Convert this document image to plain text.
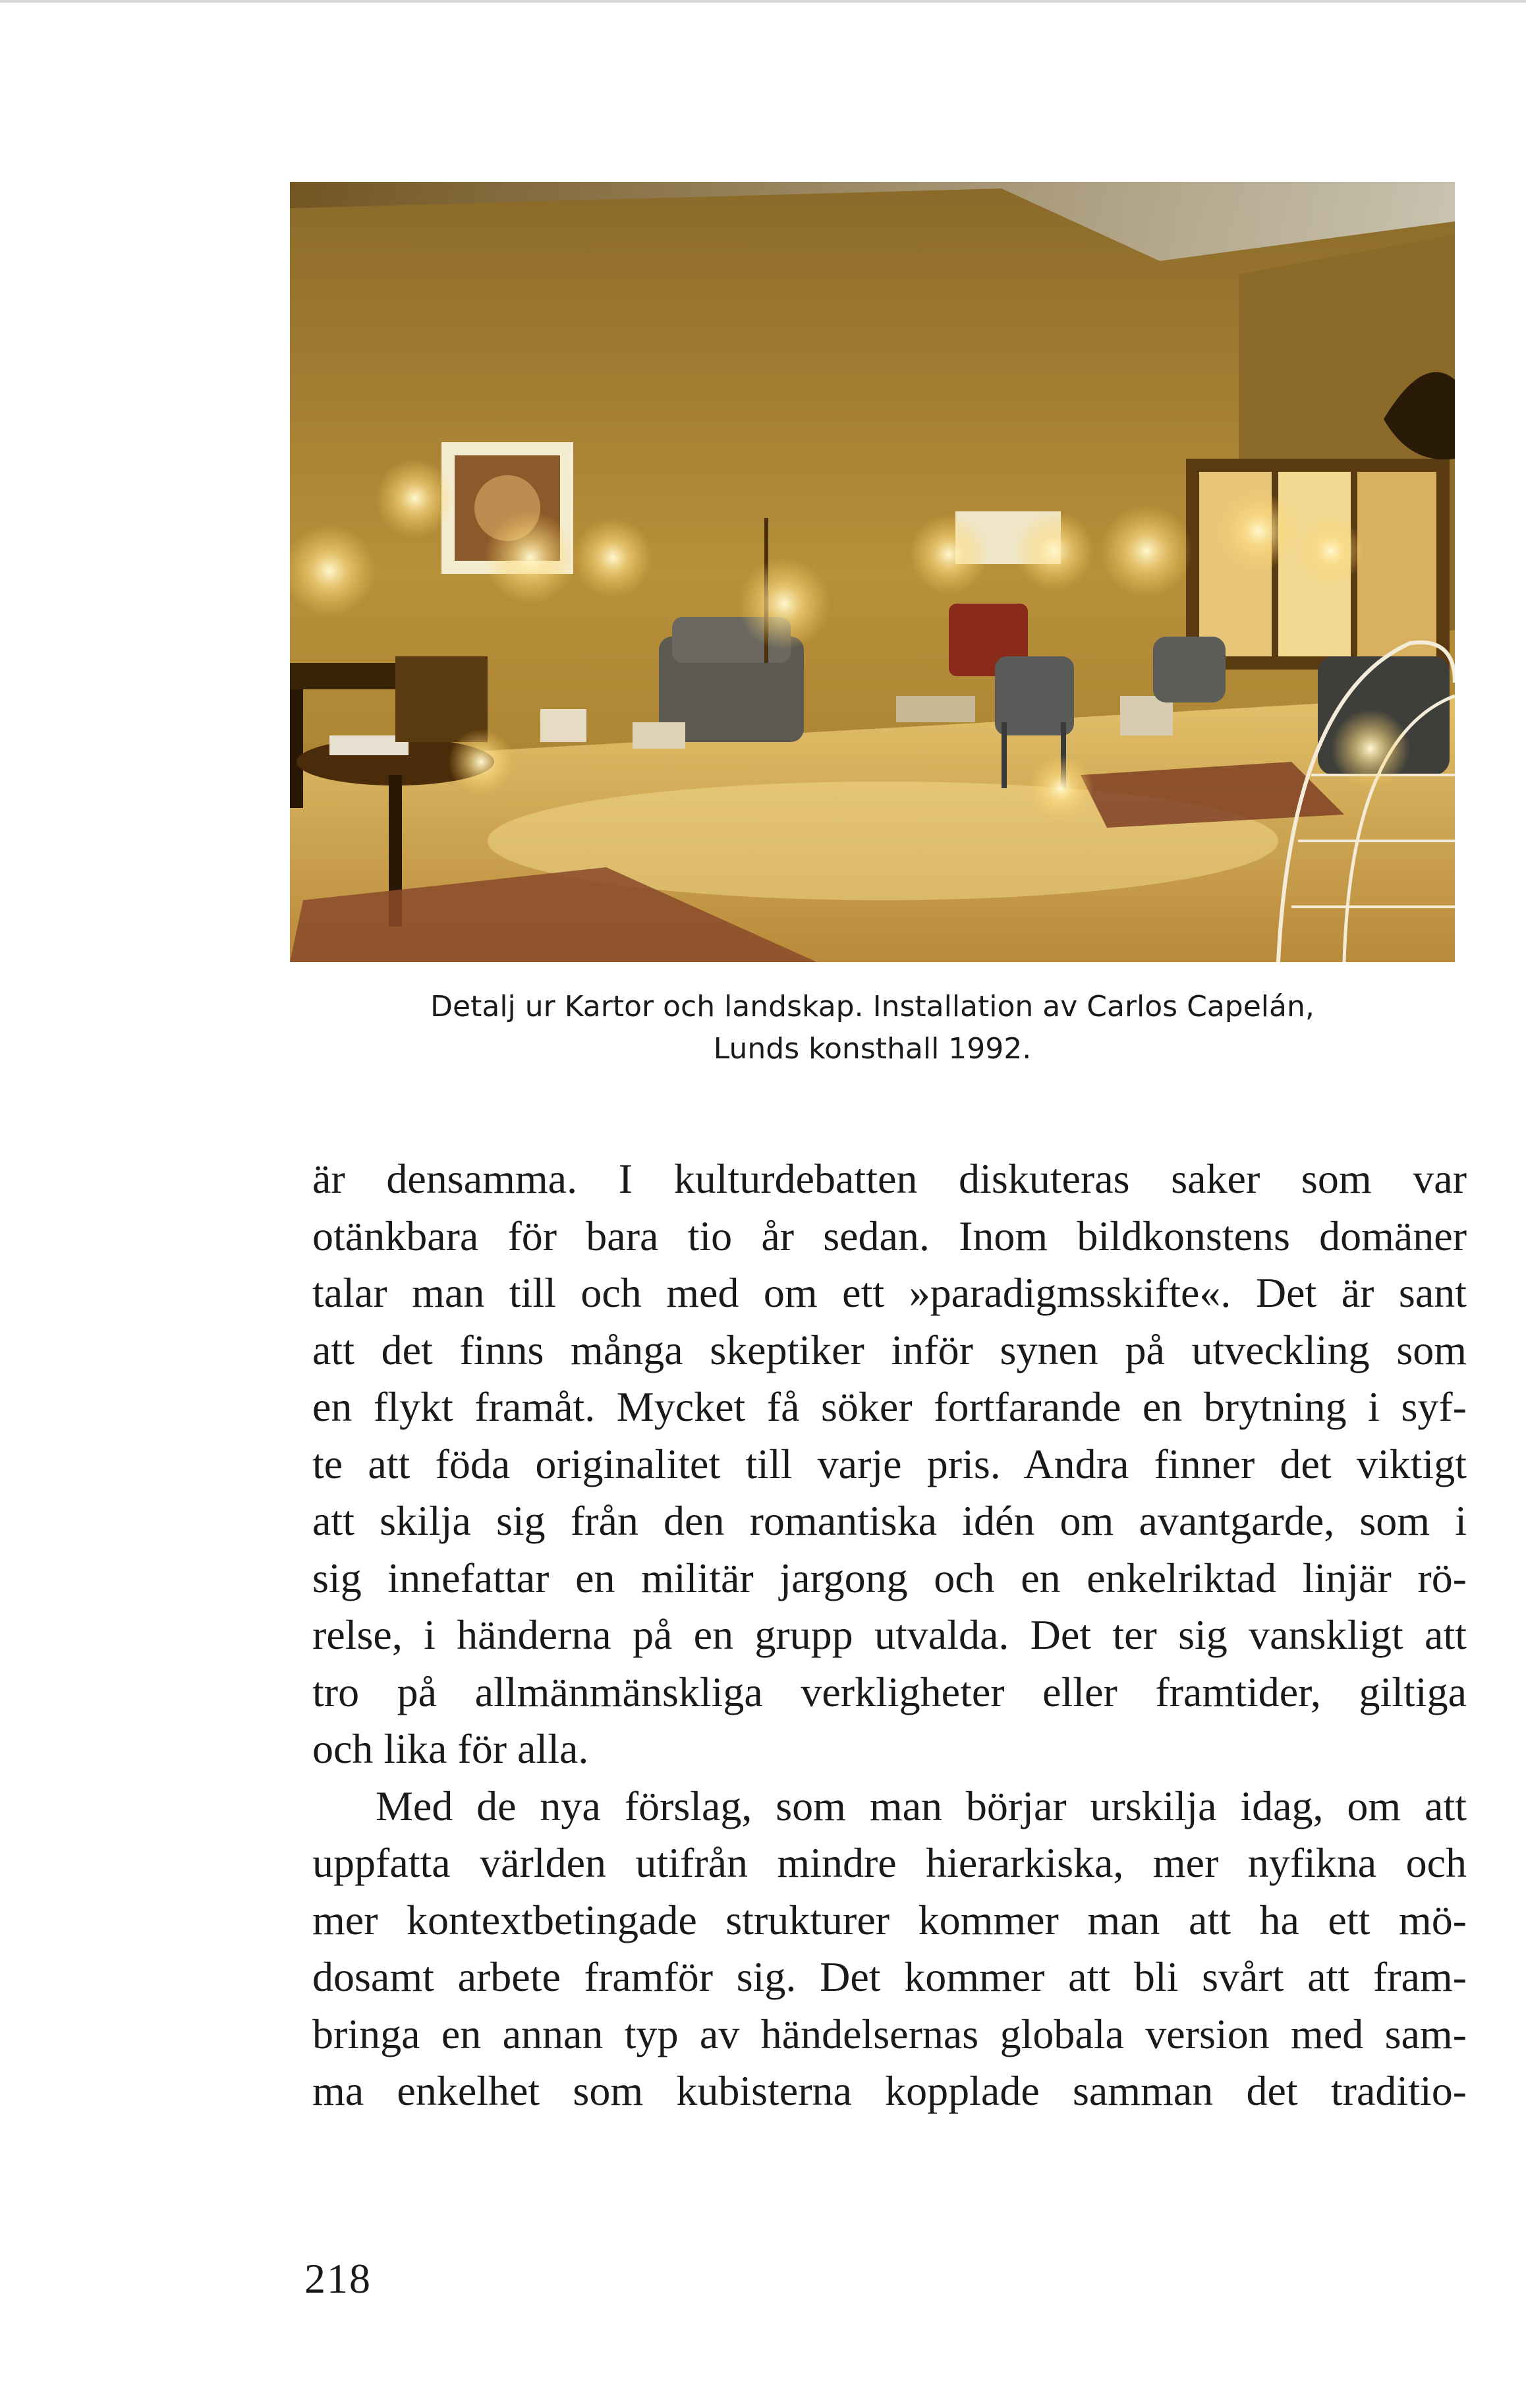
Detalj ur Kartor och landskap. Installation av Carlos Capelán,
Lunds konsthall 1992.
är densamma. I kulturdebatten diskuteras saker som var
otänkbara för bara tio år sedan. Inom bildkonstens domäner
talar man till och med om ett »paradigmsskifte«. Det är sant
att det finns många skeptiker inför synen på utveckling som
en flykt framåt. Mycket få söker fortfarande en brytning i syf-
te att föda originalitet till varje pris. Andra finner det viktigt
att skilja sig från den romantiska idén om avantgarde, som i
sig innefattar en militär jargong och en enkelriktad linjär rö-
relse, i händerna på en grupp utvalda. Det ter sig vanskligt att
tro på allmänmänskliga verkligheter eller framtider, giltiga
och lika för alla.
Med de nya förslag, som man börjar urskilja idag, om att
uppfatta världen utifrån mindre hierarkiska, mer nyfikna och
mer kontextbetingade strukturer kommer man att ha ett mö-
dosamt arbete framför sig. Det kommer att bli svårt att fram-
bringa en annan typ av händelsernas globala version med sam-
ma enkelhet som kubisterna kopplade samman det traditio-
218
